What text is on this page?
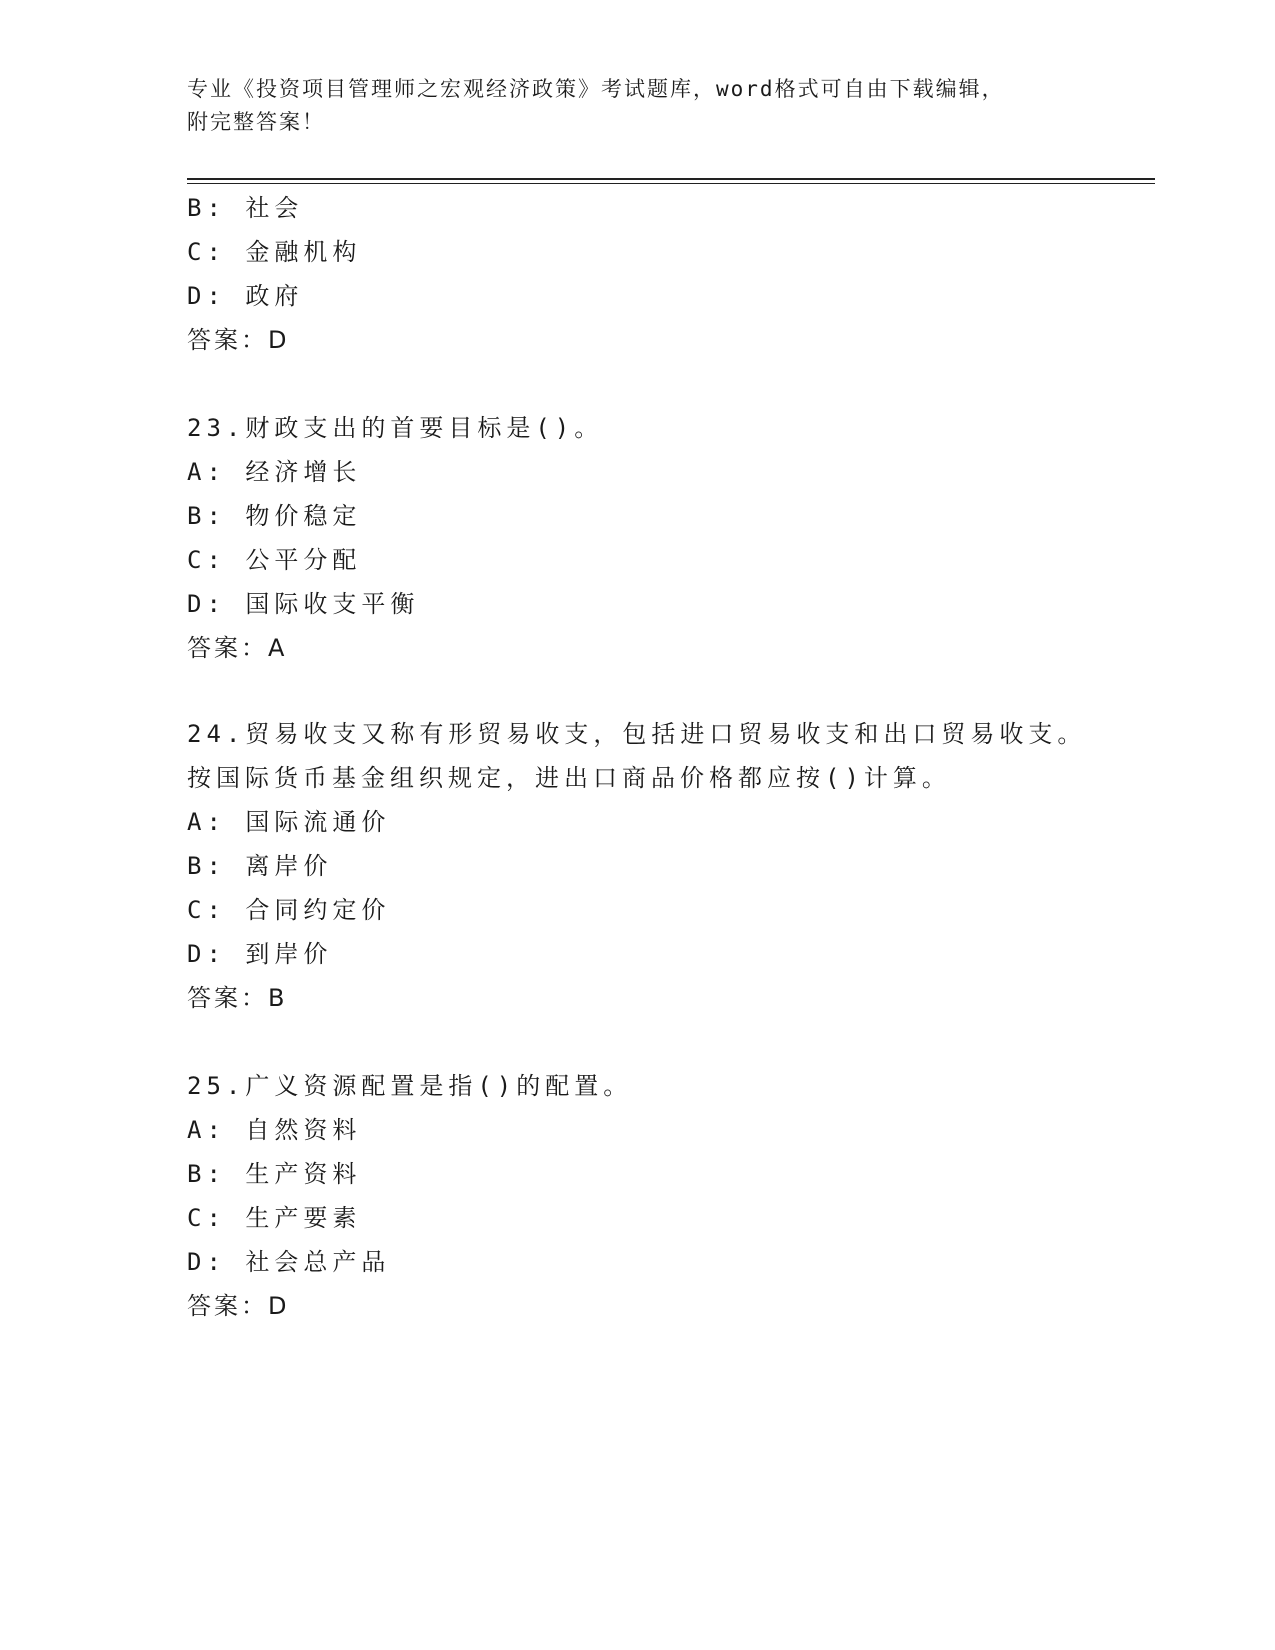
专业《投资项目管理师之宏观经济政策》考试题库，word格式可自由下载编辑，
附完整答案！
B: 社会
C: 金融机构
D: 政府
答案：D
23.财政支出的首要目标是()。
A: 经济增长
B: 物价稳定
C: 公平分配
D: 国际收支平衡
答案：A
24.贸易收支又称有形贸易收支，包括进口贸易收支和出口贸易收支。
按国际货币基金组织规定，进出口商品价格都应按()计算。
A: 国际流通价
B: 离岸价
C: 合同约定价
D: 到岸价
答案：B
25.广义资源配置是指()的配置。
A: 自然资料
B: 生产资料
C: 生产要素
D: 社会总产品
答案：D
